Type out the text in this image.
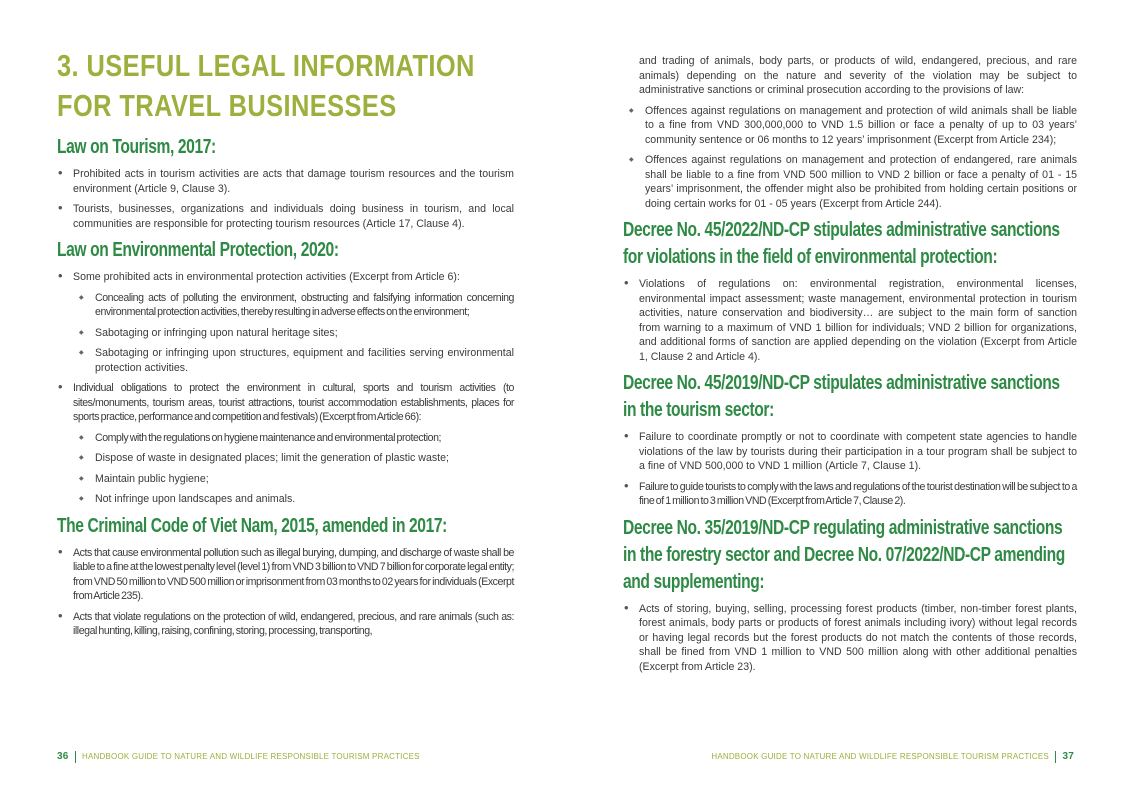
3. USEFUL LEGAL INFORMATION FOR TRAVEL BUSINESSES
Law on Tourism, 2017:
• Prohibited acts in tourism activities are acts that damage tourism resources and the tourism environment (Article 9, Clause 3).
• Tourists, businesses, organizations and individuals doing business in tourism, and local communities are responsible for protecting tourism resources (Article 17, Clause 4).
Law on Environmental Protection, 2020:
• Some prohibited acts in environmental protection activities (Excerpt from Article 6):
◆ Concealing acts of polluting the environment, obstructing and falsifying information concerning environmental protection activities, thereby resulting in adverse effects on the environment;
◆ Sabotaging or infringing upon natural heritage sites;
◆ Sabotaging or infringing upon structures, equipment and facilities serving environmental protection activities.
• Individual obligations to protect the environment in cultural, sports and tourism activities (to sites/monuments, tourism areas, tourist attractions, tourist accommodation establishments, places for sports practice, performance and competition and festivals) (Excerpt from Article 66):
◆ Comply with the regulations on hygiene maintenance and environmental protection;
◆ Dispose of waste in designated places; limit the generation of plastic waste;
◆ Maintain public hygiene;
◆ Not infringe upon landscapes and animals.
The Criminal Code of Viet Nam, 2015, amended in 2017:
• Acts that cause environmental pollution such as illegal burying, dumping, and discharge of waste shall be liable to a fine at the lowest penalty level (level 1) from VND 3 billion to VND 7 billion for corporate legal entity; from VND 50 million to VND 500 million or imprisonment from 03 months to 02 years for individuals (Excerpt from Article 235).
• Acts that violate regulations on the protection of wild, endangered, precious, and rare animals (such as: illegal hunting, killing, raising, confining, storing, processing, transporting,
36 HANDBOOK GUIDE TO NATURE AND WILDLIFE RESPONSIBLE TOURISM PRACTICES

and trading of animals, body parts, or products of wild, endangered, precious, and rare animals) depending on the nature and severity of the violation may be subject to administrative sanctions or criminal prosecution according to the provisions of law:

◆ Offences against regulations on management and protection of wild animals shall be liable to a fine from VND 300,000,000 to VND 1.5 billion or face a penalty of up to 03 years’ community sentence or 06 months to 12 years’ imprisonment (Excerpt from Article 234);
◆ Offences against regulations on management and protection of endangered, rare animals shall be liable to a fine from VND 500 million to VND 2 billion or face a penalty of 01 - 15 years’ imprisonment, the offender might also be prohibited from holding certain positions or doing certain works for 01 - 05 years (Excerpt from Article 244).
Decree No. 45/2022/ND-CP stipulates administrative sanctions for violations in the field of environmental protection:
• Violations of regulations on: environmental registration, environmental licenses, environmental impact assessment; waste management, environmental protection in tourism activities, nature conservation and biodiversity… are subject to the main form of sanction from warning to a maximum of VND 1 billion for individuals; VND 2 billion for organizations, and additional forms of sanction are applied depending on the violation (Excerpt from Article 1, Clause 2 and Article 4).
Decree No. 45/2019/ND-CP stipulates administrative sanctions in the tourism sector:
• Failure to coordinate promptly or not to coordinate with competent state agencies to handle violations of the law by tourists during their participation in a tour program shall be subject to a fine of VND 500,000 to VND 1 million (Article 7, Clause 1).
• Failure to guide tourists to comply with the laws and regulations of the tourist destination will be subject to a fine of 1 million to 3 million VND (Excerpt from Article 7, Clause 2).
Decree No. 35/2019/ND-CP regulating administrative sanctions in the forestry sector and Decree No. 07/2022/ND-CP amending and supplementing:
• Acts of storing, buying, selling, processing forest products (timber, non-timber forest plants, forest animals, body parts or products of forest animals including ivory) without legal records or having legal records but the forest products do not match the contents of those records, shall be fined from VND 1 million to VND 500 million along with other additional penalties (Excerpt from Article 23).
HANDBOOK GUIDE TO NATURE AND WILDLIFE RESPONSIBLE TOURISM PRACTICES 37
